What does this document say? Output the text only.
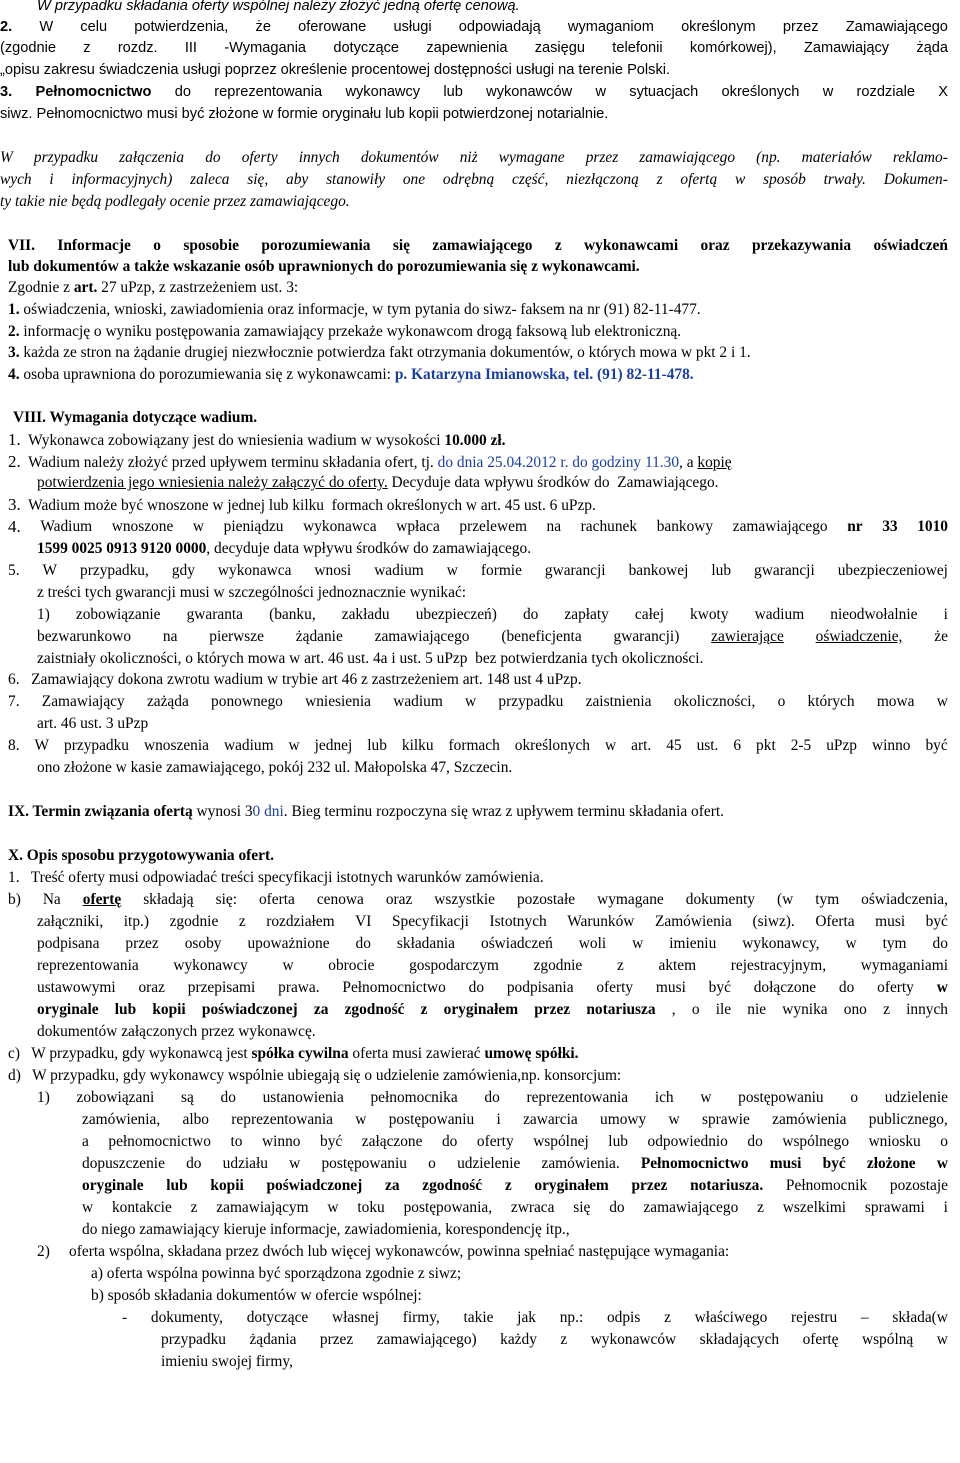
W przypadku składania oferty wspólnej należy złożyć jedną ofertę cenową.
2. W celu potwierdzenia, że oferowane usługi odpowiadają wymaganiom określonym przez Zamawiającego
(zgodnie z rozdz. III -Wymagania dotyczące zapewnienia zasięgu telefonii komórkowej), Zamawiający żąda
„opisu zakresu świadczenia usługi poprzez określenie procentowej dostępności usługi na terenie Polski.
3. Pełnomocnictwo do reprezentowania wykonawcy lub wykonawców w sytuacjach określonych w rozdziale X
siwz. Pełnomocnictwo musi być złożone w formie oryginału lub kopii potwierdzonej notarialnie.
W przypadku załączenia do oferty innych dokumentów niż wymagane przez zamawiającego (np. materiałów reklamo-
wych i informacyjnych) zaleca się, aby stanowiły one odrębną część, niezłączoną z ofertą w sposób trwały. Dokumen-
ty takie nie będą podlegały ocenie przez zamawiającego.
VII. Informacje o sposobie porozumiewania się zamawiającego z wykonawcami oraz przekazywania oświadczeń
lub dokumentów a także wskazanie osób uprawnionych do porozumiewania się z wykonawcami.
Zgodnie z art. 27 uPzp, z zastrzeżeniem ust. 3:
1. oświadczenia, wnioski, zawiadomienia oraz informacje, w tym pytania do siwz- faksem na nr (91) 82-11-477.
2. informację o wyniku postępowania zamawiający przekaże wykonawcom drogą faksową lub elektroniczną.
3. każda ze stron na żądanie drugiej niezwłocznie potwierdza fakt otrzymania dokumentów, o których mowa w pkt 2 i 1.
4. osoba uprawniona do porozumiewania się z wykonawcami: p. Katarzyna Imianowska, tel. (91) 82-11-478.
VIII. Wymagania dotyczące wadium.
1.  Wykonawca zobowiązany jest do wniesienia wadium w wysokości 10.000 zł.
2.  Wadium należy złożyć przed upływem terminu składania ofert, tj. do dnia 25.04.2012 r. do godziny 11.30, a kopię
potwierdzenia jego wniesienia należy załączyć do oferty. Decyduje data wpływu środków do  Zamawiającego.
3.  Wadium może być wnoszone w jednej lub kilku  formach określonych w art. 45 ust. 6 uPzp.
4. Wadium wnoszone w pieniądzu wykonawca wpłaca przelewem na rachunek bankowy zamawiającego nr 33 1010
1599 0025 0913 9120 0000, decyduje data wpływu środków do zamawiającego.
5. W przypadku, gdy wykonawca wnosi wadium w formie gwarancji bankowej lub gwarancji ubezpieczeniowej
z treści tych gwarancji musi w szczególności jednoznacznie wynikać:
1) zobowiązanie gwaranta (banku, zakładu ubezpieczeń) do zapłaty całej kwoty wadium nieodwołalnie i
bezwarunkowo na pierwsze żądanie zamawiającego (beneficjenta gwarancji) zawierające oświadczenie, że
zaistniały okoliczności, o których mowa w art. 46 ust. 4a i ust. 5 uPzp  bez potwierdzania tych okoliczności.
6.   Zamawiający dokona zwrotu wadium w trybie art 46 z zastrzeżeniem art. 148 ust 4 uPzp.
7. Zamawiający zażąda ponownego wniesienia wadium w przypadku zaistnienia okoliczności, o których mowa w
art. 46 ust. 3 uPzp
8. W przypadku wnoszenia wadium w jednej lub kilku formach określonych w art. 45 ust. 6 pkt 2-5 uPzp winno być
ono złożone w kasie zamawiającego, pokój 232 ul. Małopolska 47, Szczecin.
IX. Termin związania ofertą wynosi 30 dni. Bieg terminu rozpoczyna się wraz z upływem terminu składania ofert.
X. Opis sposobu przygotowywania ofert.
1.   Treść oferty musi odpowiadać treści specyfikacji istotnych warunków zamówienia.
b) Na ofertę składają się: oferta cenowa oraz wszystkie pozostałe wymagane dokumenty (w tym oświadczenia,
załączniki, itp.) zgodnie z rozdziałem VI Specyfikacji Istotnych Warunków Zamówienia (siwz). Oferta musi być
podpisana przez osoby upoważnione do składania oświadczeń woli w imieniu wykonawcy, w tym do
reprezentowania wykonawcy w obrocie gospodarczym zgodnie z aktem rejestracyjnym, wymaganiami
ustawowymi oraz przepisami prawa. Pełnomocnictwo do podpisania oferty musi być dołączone do oferty w
oryginale lub kopii poświadczonej za zgodność z oryginałem przez notariusza , o ile nie wynika ono z innych
dokumentów załączonych przez wykonawcę.
c)   W przypadku, gdy wykonawcą jest spółka cywilna oferta musi zawierać umowę spółki.
d)   W przypadku, gdy wykonawcy wspólnie ubiegają się o udzielenie zamówienia,np. konsorcjum:
1) zobowiązani są do ustanowienia pełnomocnika do reprezentowania ich w postępowaniu o udzielenie
zamówienia, albo reprezentowania w postępowaniu i zawarcia umowy w sprawie zamówienia publicznego,
a pełnomocnictwo to winno być załączone do oferty wspólnej lub odpowiednio do wspólnego wniosku o
dopuszczenie do udziału w postępowaniu o udzielenie zamówienia. Pełnomocnictwo musi być złożone w
oryginale lub kopii poświadczonej za zgodność z oryginałem przez notariusza. Pełnomocnik pozostaje
w kontakcie z zamawiającym w toku postępowania, zwraca się do zamawiającego z wszelkimi sprawami i
do niego zamawiający kieruje informacje, zawiadomienia, korespondencję itp.,
2)     oferta wspólna, składana przez dwóch lub więcej wykonawców, powinna spełniać następujące wymagania:
a) oferta wspólna powinna być sporządzona zgodnie z siwz;
b) sposób składania dokumentów w ofercie wspólnej:
- dokumenty, dotyczące własnej firmy, takie jak np.: odpis z właściwego rejestru – składa(w
przypadku żądania przez zamawiającego) każdy z wykonawców składających ofertę wspólną w
imieniu swojej firmy,
